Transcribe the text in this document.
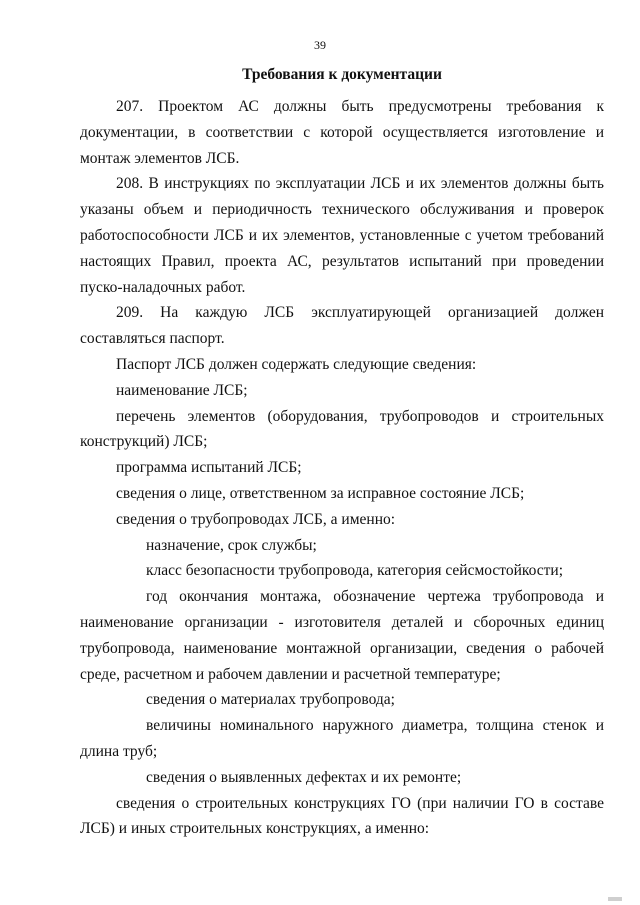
39
Требования к документации

207. Проектом АС должны быть предусмотрены требования к документации, в соответствии с которой осуществляется изготовление и монтаж элементов ЛСБ.

208. В инструкциях по эксплуатации ЛСБ и их элементов должны быть указаны объем и периодичность технического обслуживания и проверок работоспособности ЛСБ и их элементов, установленные с учетом требований настоящих Правил, проекта АС, результатов испытаний при проведении пуско-наладочных работ.

209. На каждую ЛСБ эксплуатирующей организацией должен составляться паспорт.

Паспорт ЛСБ должен содержать следующие сведения:

наименование ЛСБ;

перечень элементов (оборудования, трубопроводов и строительных конструкций) ЛСБ;

программа испытаний ЛСБ;

сведения о лице, ответственном за исправное состояние ЛСБ;

сведения о трубопроводах ЛСБ, а именно:

назначение, срок службы;

класс безопасности трубопровода, категория сейсмостойкости;

год окончания монтажа, обозначение чертежа трубопровода и наименование организации - изготовителя деталей и сборочных единиц трубопровода, наименование монтажной организации, сведения о рабочей среде, расчетном и рабочем давлении и расчетной температуре;

сведения о материалах трубопровода;

величины номинального наружного диаметра, толщина стенок и длина труб;

сведения о выявленных дефектах и их ремонте;

сведения о строительных конструкциях ГО (при наличии ГО в составе ЛСБ) и иных строительных конструкциях, а именно:
